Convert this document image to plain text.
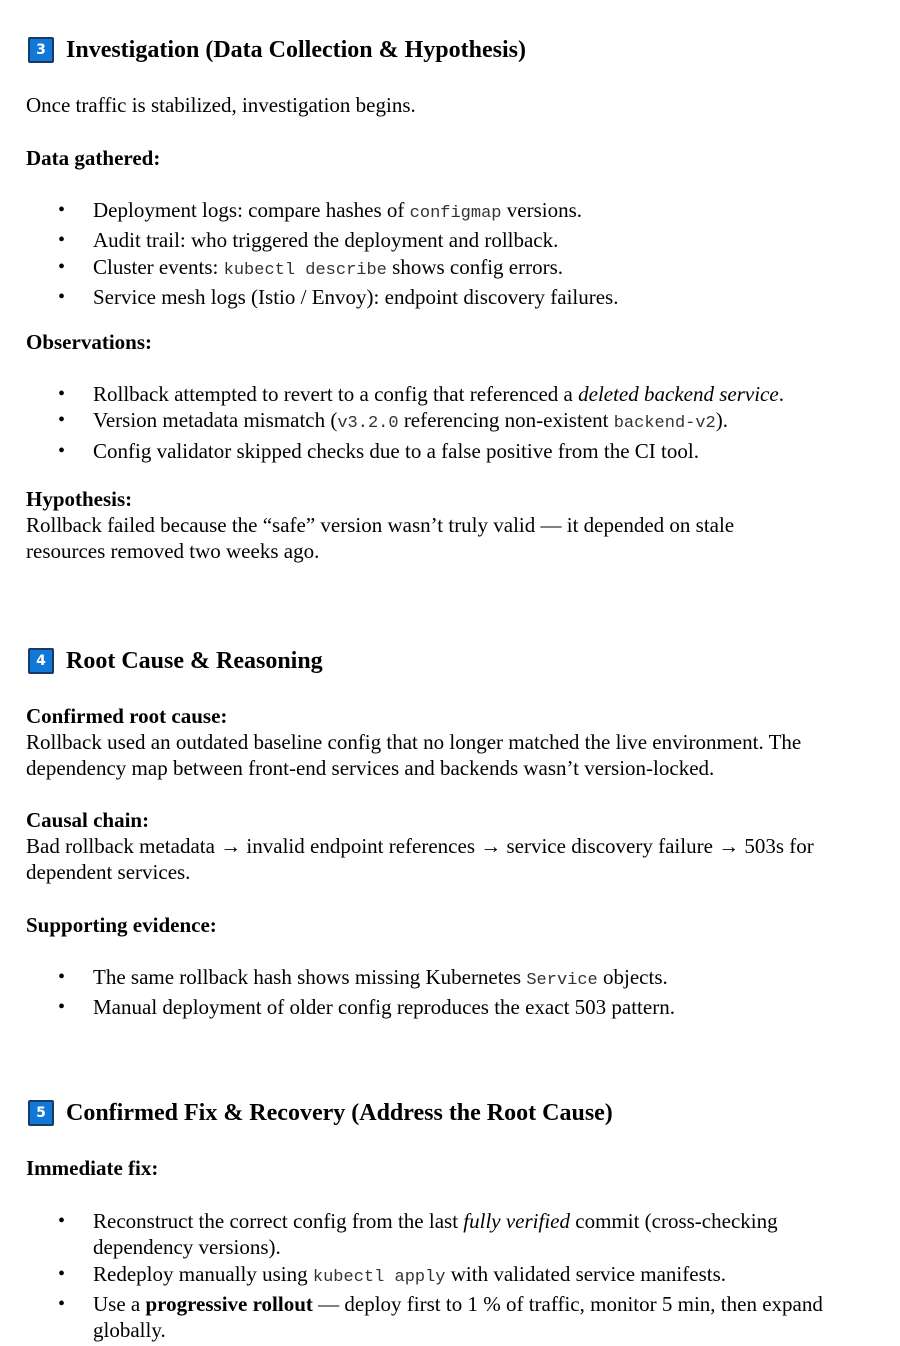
3 Investigation (Data Collection & Hypothesis)
Once traffic is stabilized, investigation begins.
Data gathered:
• Deployment logs: compare hashes of configmap versions.
• Audit trail: who triggered the deployment and rollback.
• Cluster events: kubectl describe shows config errors.
• Service mesh logs (Istio / Envoy): endpoint discovery failures.
Observations:
• Rollback attempted to revert to a config that referenced a deleted backend service.
• Version metadata mismatch (v3.2.0 referencing non-existent backend-v2).
• Config validator skipped checks due to a false positive from the CI tool.
Hypothesis:
Rollback failed because the “safe” version wasn’t truly valid — it depended on stale resources removed two weeks ago.
4 Root Cause & Reasoning
Confirmed root cause:
Rollback used an outdated baseline config that no longer matched the live environment. The dependency map between front-end services and backends wasn’t version-locked.
Causal chain:
Bad rollback metadata → invalid endpoint references → service discovery failure → 503s for dependent services.
Supporting evidence:
• The same rollback hash shows missing Kubernetes Service objects.
• Manual deployment of older config reproduces the exact 503 pattern.
5 Confirmed Fix & Recovery (Address the Root Cause)
Immediate fix:
• Reconstruct the correct config from the last fully verified commit (cross-checking dependency versions).
• Redeploy manually using kubectl apply with validated service manifests.
• Use a progressive rollout — deploy first to 1 % of traffic, monitor 5 min, then expand globally.
